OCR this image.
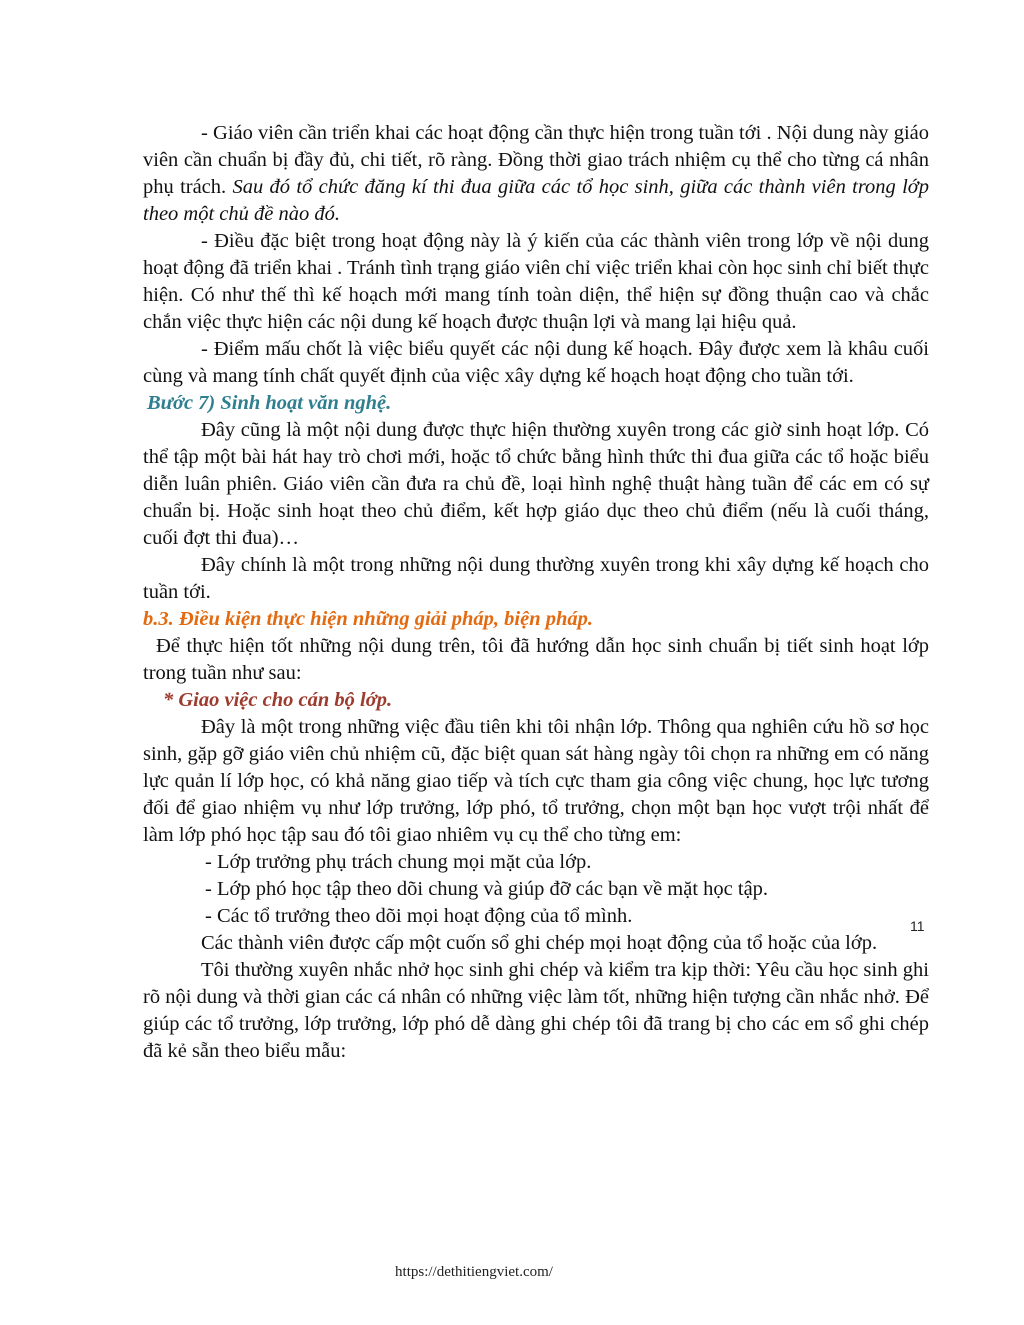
- Giáo viên cần triển khai các hoạt động cần thực hiện trong tuần tới . Nội dung này giáo viên cần chuẩn bị đầy đủ, chi tiết, rõ ràng. Đồng thời giao trách nhiệm cụ thể cho từng cá nhân phụ trách. Sau đó tổ chức đăng kí thi đua giữa các tổ học sinh, giữa các thành viên trong lớp theo một chủ đề nào đó.

- Điều đặc biệt trong hoạt động này là ý kiến của các thành viên trong lớp về nội dung hoạt động đã triển khai . Tránh tình trạng giáo viên chỉ việc triển khai còn học sinh chỉ biết thực hiện. Có như thế thì kế hoạch mới mang tính toàn diện, thể hiện sự đồng thuận cao và chắc chắn việc thực hiện các nội dung kế hoạch được thuận lợi và mang lại hiệu quả.

- Điểm mấu chốt là việc biểu quyết các nội dung kế hoạch. Đây được xem là khâu cuối cùng và mang tính chất quyết định của việc xây dựng kế hoạch hoạt động cho tuần tới.

Bước 7) Sinh hoạt văn nghệ.

Đây cũng là một nội dung được thực hiện thường xuyên trong các giờ sinh hoạt lớp. Có thể tập một bài hát hay trò chơi mới, hoặc tổ chức bằng hình thức thi đua giữa các tổ hoặc biểu diễn luân phiên. Giáo viên cần đưa ra chủ đề, loại hình nghệ thuật hàng tuần để các em có sự chuẩn bị. Hoặc sinh hoạt theo chủ điểm, kết hợp giáo dục theo chủ điểm (nếu là cuối tháng, cuối đợt thi đua)…

Đây chính là một trong những nội dung thường xuyên trong khi xây dựng kế hoạch cho tuần tới.

b.3. Điều kiện thực hiện những giải pháp, biện pháp.

Để thực hiện tốt những nội dung trên, tôi đã hướng dẫn học sinh chuẩn bị tiết sinh hoạt lớp trong tuần như sau:

* Giao việc cho cán bộ lớp.

Đây là một trong những việc đầu tiên khi tôi nhận lớp. Thông qua nghiên cứu hồ sơ học sinh, gặp gỡ giáo viên chủ nhiệm cũ, đặc biệt quan sát hàng ngày tôi chọn ra những em có năng lực quản lí lớp học, có khả năng giao tiếp và tích cực tham gia công việc chung, học lực tương đối để giao nhiệm vụ như lớp trưởng, lớp phó, tổ trưởng, chọn một bạn học vượt trội nhất để làm lớp phó học tập sau đó tôi giao nhiêm vụ cụ thể cho từng em:

- Lớp trưởng phụ trách chung mọi mặt của lớp.

- Lớp phó học tập theo dõi chung và giúp đỡ các bạn về mặt học tập.

- Các tổ trưởng theo dõi mọi hoạt động của tổ mình.

Các thành viên được cấp một cuốn sổ ghi chép mọi hoạt động của tổ hoặc của lớp.

Tôi thường xuyên nhắc nhở học sinh ghi chép và kiểm tra kịp thời: Yêu cầu học sinh ghi rõ nội dung và thời gian các cá nhân có những việc làm tốt, những hiện tượng cần nhắc nhở. Để giúp các tổ trưởng, lớp trưởng, lớp phó dễ dàng ghi chép tôi đã trang bị cho các em sổ ghi chép đã kẻ sẵn theo biểu mẫu:

11
https://dethitiengviet.com/
